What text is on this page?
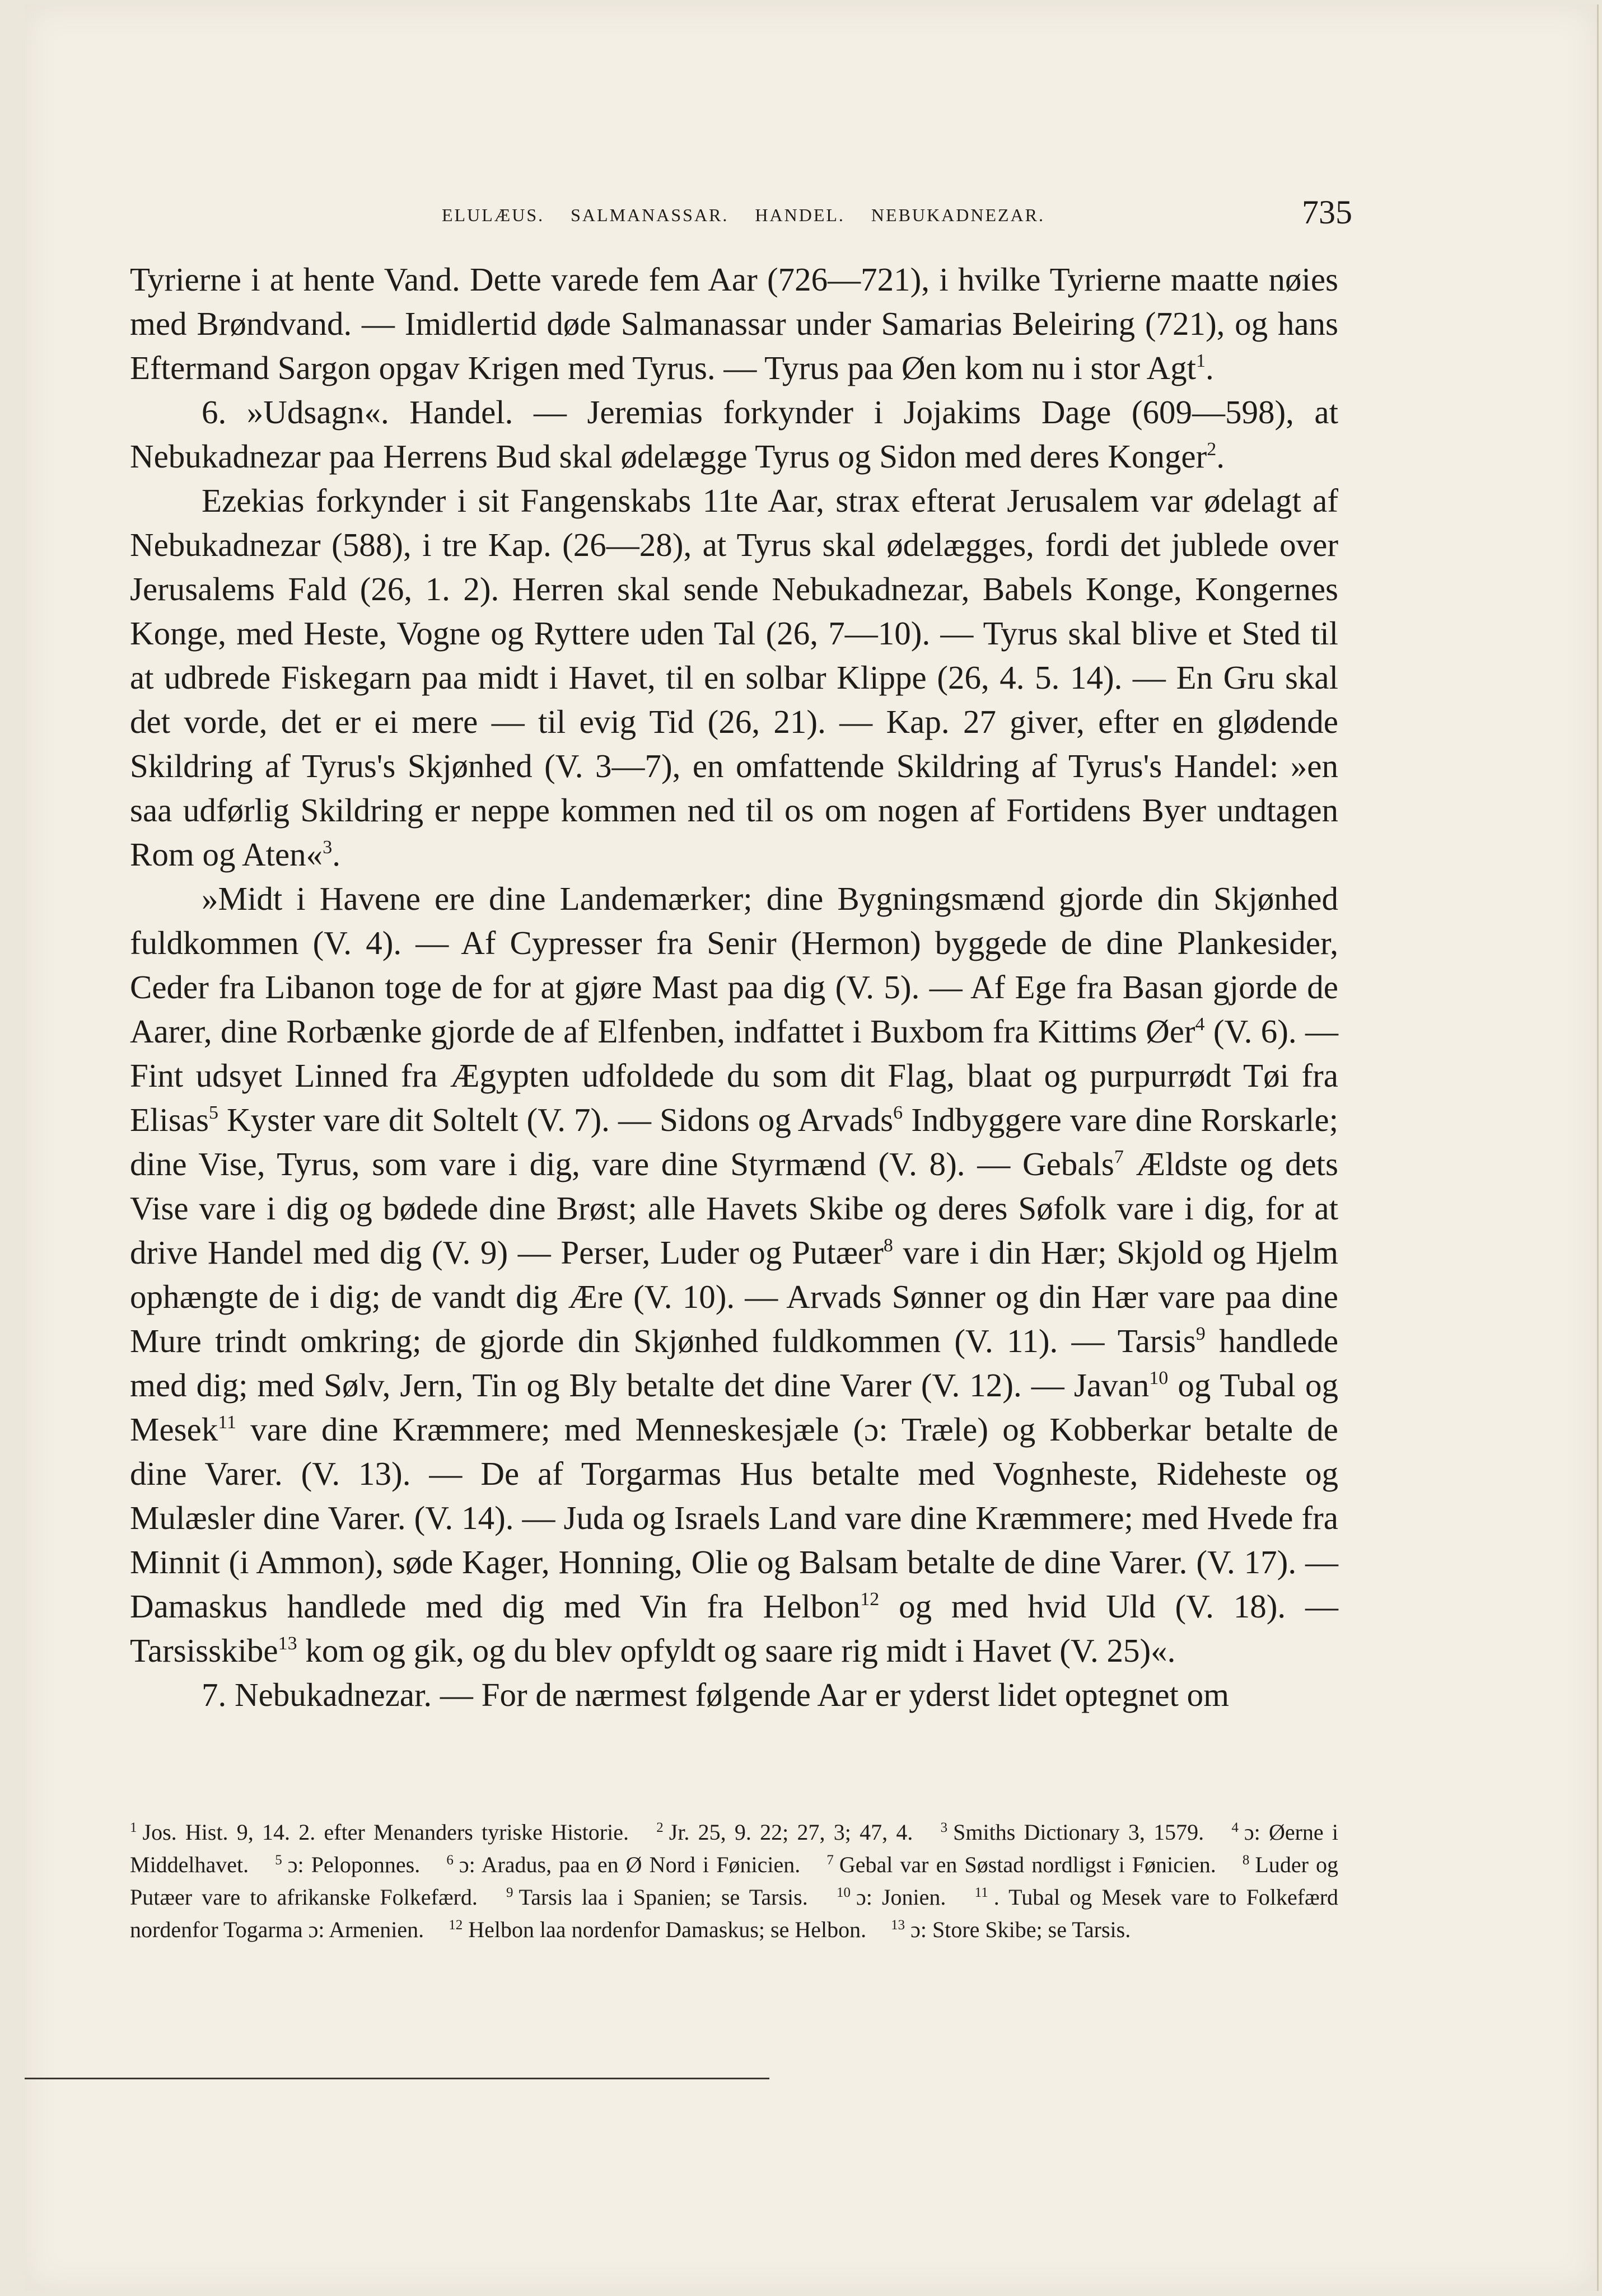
ELULÆUS. SALMANASSAR. HANDEL. NEBUKADNEZAR.	735

Tyrierne i at hente Vand. Dette varede fem Aar (726—721), i hvilke Tyrierne maatte nøies med Brøndvand. — Imidlertid døde Salmanassar under Samarias Beleiring (721), og hans Eftermand Sargon opgav Krigen med Tyrus. — Tyrus paa Øen kom nu i stor Agt$^1$.

6. »Udsagn«. Handel. — Jeremias forkynder i Jojakims Dage (609—598), at Nebukadnezar paa Herrens Bud skal ødelægge Tyrus og Sidon med deres Konger$^2$.

Ezekias forkynder i sit Fangenskabs 11te Aar, strax efterat Jerusalem var ødelagt af Nebukadnezar (588), i tre Kap. (26—28), at Tyrus skal ødelægges, fordi det jublede over Jerusalems Fald (26, 1. 2). Herren skal sende Nebukadnezar, Babels Konge, Kongernes Konge, med Heste, Vogne og Ryttere uden Tal (26, 7—10). — Tyrus skal blive et Sted til at udbrede Fiskegarn paa midt i Havet, til en solbar Klippe (26, 4. 5. 14). — En Gru skal det vorde, det er ei mere — til evig Tid (26, 21). — Kap. 27 giver, efter en glødende Skildring af Tyrus's Skjønhed (V. 3—7), en omfattende Skildring af Tyrus's Handel: »en saa udførlig Skildring er neppe kommen ned til os om nogen af Fortidens Byer undtagen Rom og Aten«$^3$.

»Midt i Havene ere dine Landemærker; dine Bygningsmænd gjorde din Skjønhed fuldkommen (V. 4). — Af Cypresser fra Senir (Hermon) byggede de dine Plankesider, Ceder fra Libanon toge de for at gjøre Mast paa dig (V. 5). — Af Ege fra Basan gjorde de Aarer, dine Rorbænke gjorde de af Elfenben, indfattet i Buxbom fra Kittims Øer$^4$ (V. 6). — Fint udsyet Linned fra Ægypten udfoldede du som dit Flag, blaat og purpurrødt Tøi fra Elisas$^5$ Kyster vare dit Soltelt (V. 7). — Sidons og Arvads$^6$ Indbyggere vare dine Rorskarle; dine Vise, Tyrus, som vare i dig, vare dine Styrmænd (V. 8). — Gebals$^7$ Ældste og dets Vise vare i dig og bødede dine Brøst; alle Havets Skibe og deres Søfolk vare i dig, for at drive Handel med dig (V. 9) — Perser, Luder og Putæer$^8$ vare i din Hær; Skjold og Hjelm ophængte de i dig; de vandt dig Ære (V. 10). — Arvads Sønner og din Hær vare paa dine Mure trindt omkring; de gjorde din Skjønhed fuldkommen (V. 11). — Tarsis$^9$ handlede med dig; med Sølv, Jern, Tin og Bly betalte det dine Varer (V. 12). — Javan$^{10}$ og Tubal og Mesek$^{11}$ vare dine Kræmmere; med Menneskesjæle (ɔ: Træle) og Kobberkar betalte de dine Varer. (V. 13). — De af Torgarmas Hus betalte med Vognheste, Rideheste og Mulæsler dine Varer. (V. 14). — Juda og Israels Land vare dine Kræmmere; med Hvede fra Minnit (i Ammon), søde Kager, Honning, Olie og Balsam betalte de dine Varer. (V. 17). — Damaskus handlede med dig med Vin fra Helbon$^{12}$ og med hvid Uld (V. 18). — Tarsisskibe$^{13}$ kom og gik, og du blev opfyldt og saare rig midt i Havet (V. 25)«.

7. Nebukadnezar. — For de nærmest følgende Aar er yderst lidet optegnet om

$^1$ Jos. Hist. 9, 14. 2. efter Menanders tyriske Historie. $^2$ Jr. 25, 9. 22; 27, 3; 47, 4. $^3$ Smiths Dictionary 3, 1579. $^4$ ɔ: Øerne i Middelhavet. $^5$ ɔ: Peloponnes. $^6$ ɔ: Aradus, paa en Ø Nord i Fønicien. $^7$ Gebal var en Søstad nordligst i Fønicien. $^8$ Luder og Putæer vare to afrikanske Folkefærd. $^9$ Tarsis laa i Spanien; se Tarsis. $^{10}$ ɔ: Jonien. $^{11}$ . Tubal og Mesek vare to Folkefærd nordenfor Togarma ɔ: Armenien. $^{12}$ Helbon laa nordenfor Damaskus; se Helbon. $^{13}$ ɔ: Store Skibe; se Tarsis.
